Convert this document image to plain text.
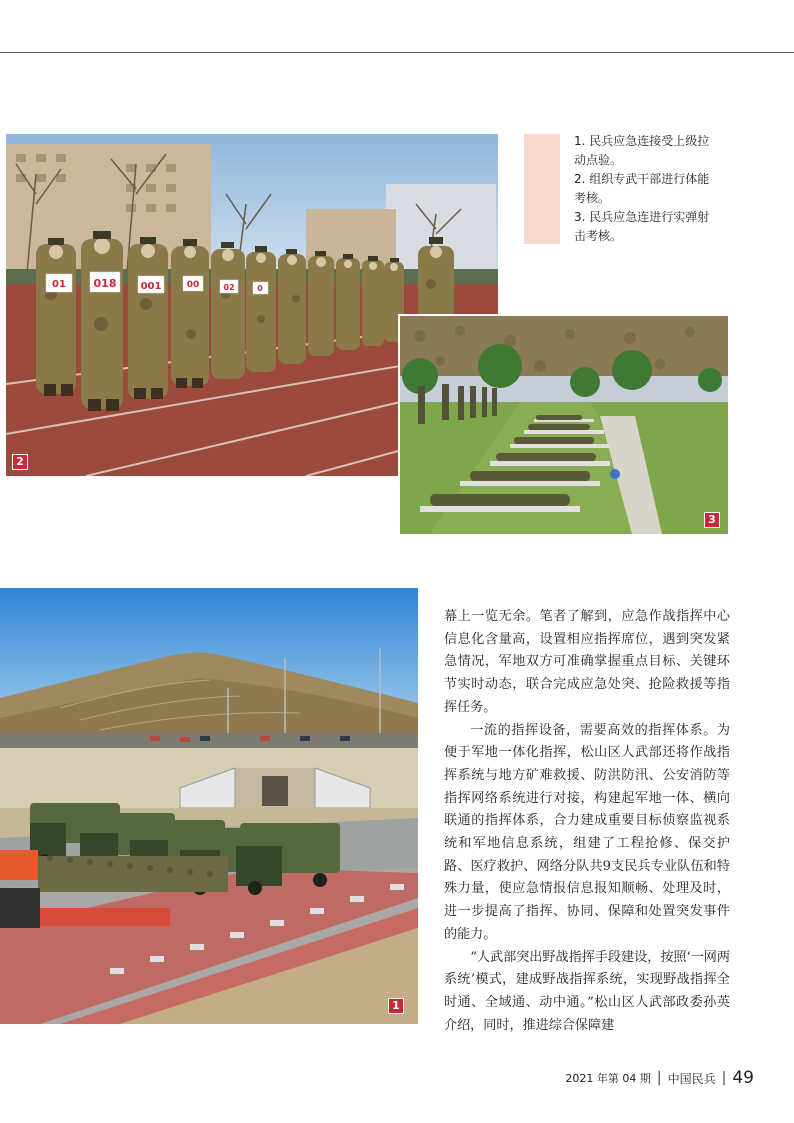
01	018 001	00	02	0
2

1. 民兵应急连接受上级拉动点验。

2. 组织专武干部进行体能考核。

3. 民兵应急连进行实弹射击考核。

3
1

幕上一览无余。笔者了解到，应急作战指挥中心信息化含量高，设置相应指挥席位，遇到突发紧急情况，军地双方可准确掌握重点目标、关键环节实时动态，联合完成应急处突、抢险救援等指挥任务。

一流的指挥设备，需要高效的指挥体系。为便于军地一体化指挥，松山区人武部还将作战指挥系统与地方矿难救援、防洪防汛、公安消防等指挥网络系统进行对接，构建起军地一体、横向联通的指挥体系，合力建成重要目标侦察监视系统和军地信息系统，组建了工程抢修、保交护路、医疗救护、网络分队共9支民兵专业队伍和特殊力量，使应急情报信息报知顺畅、处理及时，进一步提高了指挥、协同、保障和处置突发事件的能力。

“人武部突出野战指挥手段建设，按照‘一网两系统’模式，建成野战指挥系统，实现野战指挥全时通、全域通、动中通。”松山区人武部政委孙英介绍，同时，推进综合保障建

2021 年第 04 期 | 中国民兵 | 49
